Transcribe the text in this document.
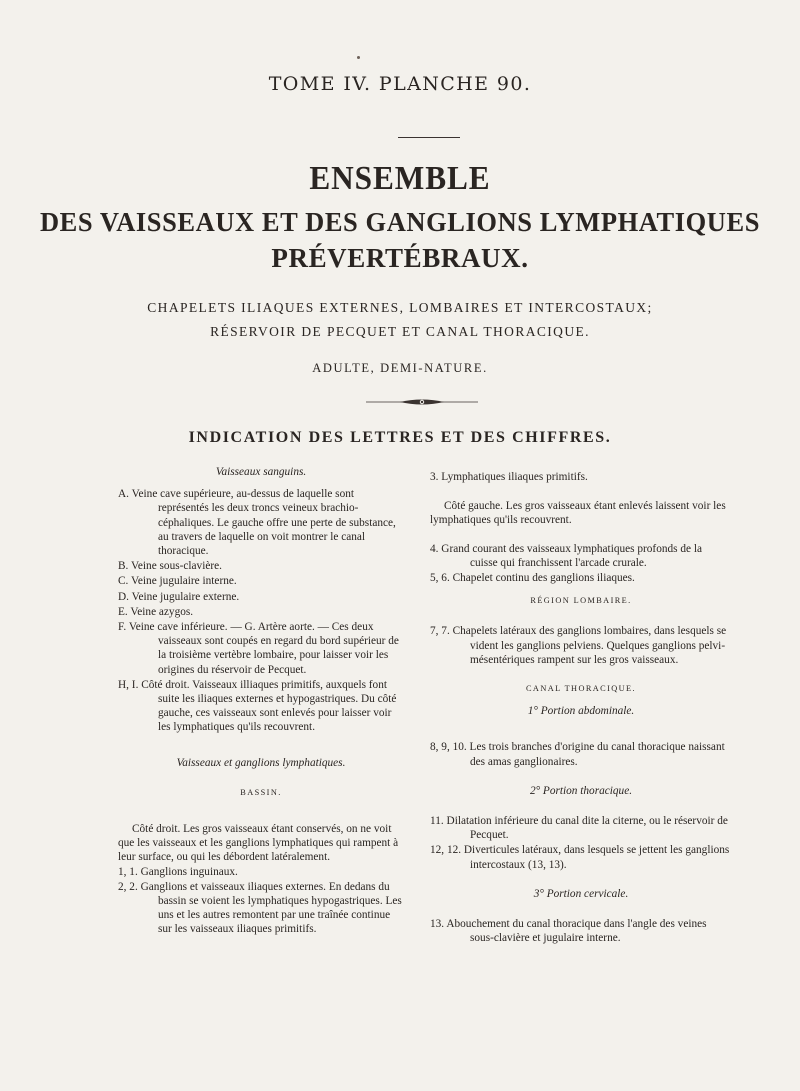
TOME IV. PLANCHE 90.
ENSEMBLE
DES VAISSEAUX ET DES GANGLIONS LYMPHATIQUES
PRÉVERTÉBRAUX.
CHAPELETS ILIAQUES EXTERNES, LOMBAIRES ET INTERCOSTAUX;
RÉSERVOIR DE PECQUET ET CANAL THORACIQUE.
ADULTE, DEMI-NATURE.
INDICATION DES LETTRES ET DES CHIFFRES.
Vaisseaux sanguins.
A. Veine cave supérieure, au-dessus de laquelle sont représentés les deux troncs veineux brachio-céphaliques. Le gauche offre une perte de substance, au travers de laquelle on voit montrer le canal thoracique.
B. Veine sous-clavière.
C. Veine jugulaire interne.
D. Veine jugulaire externe.
E. Veine azygos.
F. Veine cave inférieure. — G. Artère aorte. — Ces deux vaisseaux sont coupés en regard du bord supérieur de la troisième vertèbre lombaire, pour laisser voir les origines du réservoir de Pecquet.
H, I. Côté droit. Vaisseaux illiaques primitifs, auxquels font suite les iliaques externes et hypogastriques. Du côté gauche, ces vaisseaux sont enlevés pour laisser voir les lymphatiques qu'ils recouvrent.
Vaisseaux et ganglions lymphatiques.
BASSIN.

Côté droit. Les gros vaisseaux étant conservés, on ne voit que les vaisseaux et les ganglions lymphatiques qui rampent à leur surface, ou qui les débordent latéralement.

1, 1. Ganglions inguinaux.
2, 2. Ganglions et vaisseaux iliaques externes. En dedans du bassin se voient les lymphatiques hypogastriques. Les uns et les autres remontent par une traînée continue sur les vaisseaux iliaques primitifs.
3. Lymphatiques iliaques primitifs.

Côté gauche. Les gros vaisseaux étant enlevés laissent voir les lymphatiques qu'ils recouvrent.

4. Grand courant des vaisseaux lymphatiques profonds de la cuisse qui franchissent l'arcade crurale.
5, 6. Chapelet continu des ganglions iliaques.
RÉGION LOMBAIRE.
7, 7. Chapelets latéraux des ganglions lombaires, dans lesquels se vident les ganglions pelviens. Quelques ganglions pelvi-mésentériques rampent sur les gros vaisseaux.
CANAL THORACIQUE.
1° Portion abdominale.
8, 9, 10. Les trois branches d'origine du canal thoracique naissant des amas ganglionaires.
2° Portion thoracique.
11. Dilatation inférieure du canal dite la citerne, ou le réservoir de Pecquet.
12, 12. Diverticules latéraux, dans lesquels se jettent les ganglions intercostaux (13, 13).
3° Portion cervicale.
13. Abouchement du canal thoracique dans l'angle des veines sous-clavière et jugulaire interne.
